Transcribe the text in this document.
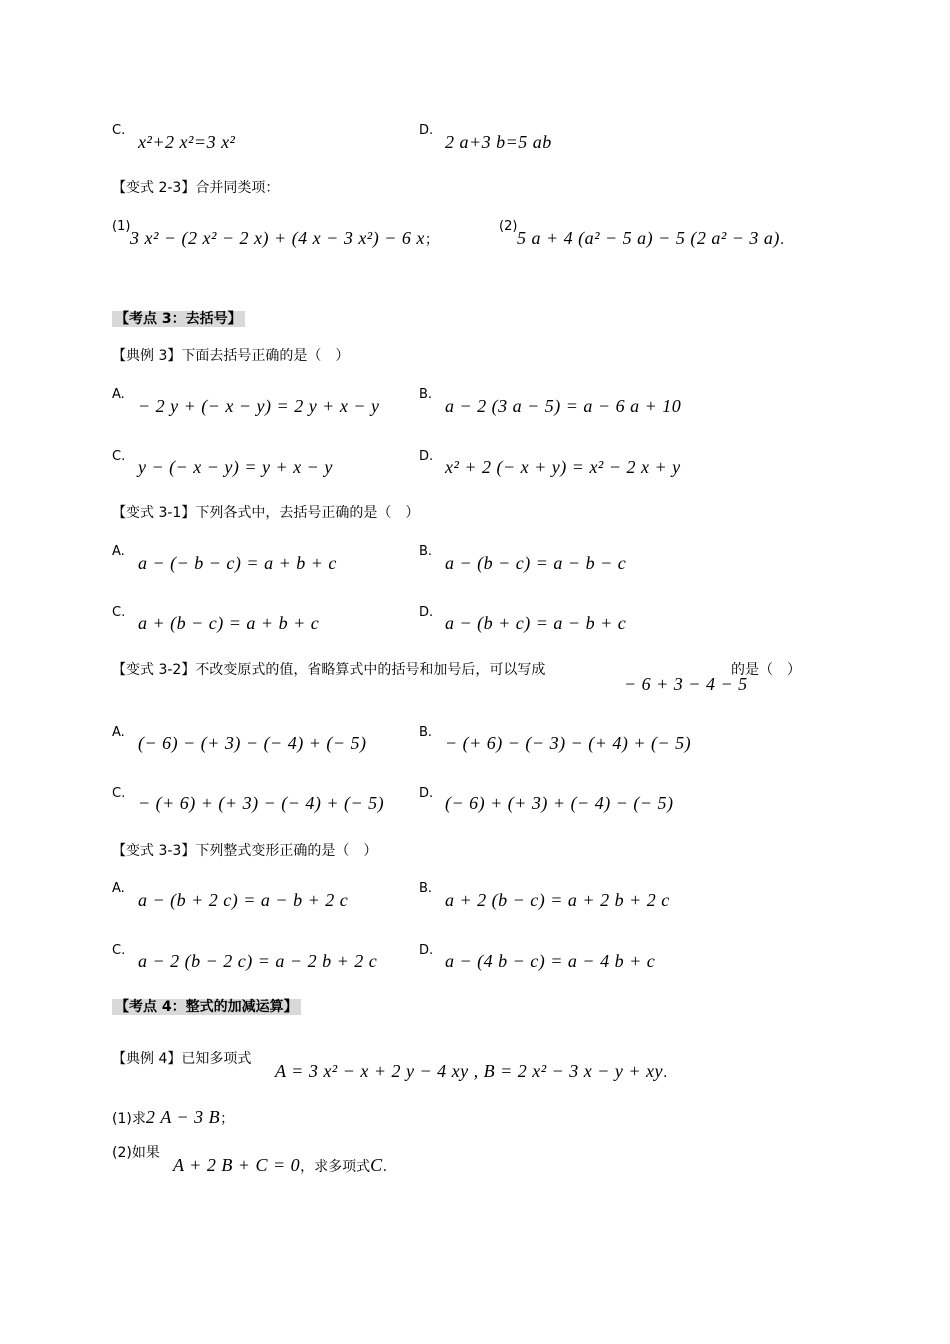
C.
x²+2 x²=3 x²
D.
2 a+3 b=5 ab
【变式 2-3】合并同类项：
(1)
3 x² − (2 x² − 2 x) + (4 x − 3 x²) − 6 x；
(2)
5 a + 4 (a² − 5 a) − 5 (2 a² − 3 a).
【考点 3：去括号】
【典例 3】下面去括号正确的是（　）
A.
− 2 y + (− x − y) = 2 y + x − y
B.
a − 2 (3 a − 5) = a − 6 a + 10
C.
y − (− x − y) = y + x − y
D.
x² + 2 (− x + y) = x² − 2 x + y
【变式 3-1】下列各式中，去括号正确的是（　）
A.
a − (− b − c) = a + b + c
B.
a − (b − c) = a − b − c
C.
a + (b − c) = a + b + c
D.
a − (b + c) = a − b + c
【变式 3-2】不改变原式的值，省略算式中的括号和加号后，可以写成
− 6 + 3 − 4 − 5
的是（　）
A.
(− 6) − (+ 3) − (− 4) + (− 5)
B.
− (+ 6) − (− 3) − (+ 4) + (− 5)
C. − (+ 6) + (+ 3) − (− 4) + (− 5)	D. (− 6) + (+ 3) + (− 4) − (− 5)
【变式 3-3】下列整式变形正确的是（　）
A.
a − (b + 2 c) = a − b + 2 c
B.
a + 2 (b − c) = a + 2 b + 2 c
C.
a − 2 (b − 2 c) = a − 2 b + 2 c
D.
a − (4 b − c) = a − 4 b + c
【考点 4：整式的加减运算】
【典例 4】已知多项式
A = 3 x² − x + 2 y − 4 xy , B = 2 x² − 3 x − y + xy.
(1)求2 A − 3 B；
(2)如果
A + 2 B + C = 0，求多项式C.
